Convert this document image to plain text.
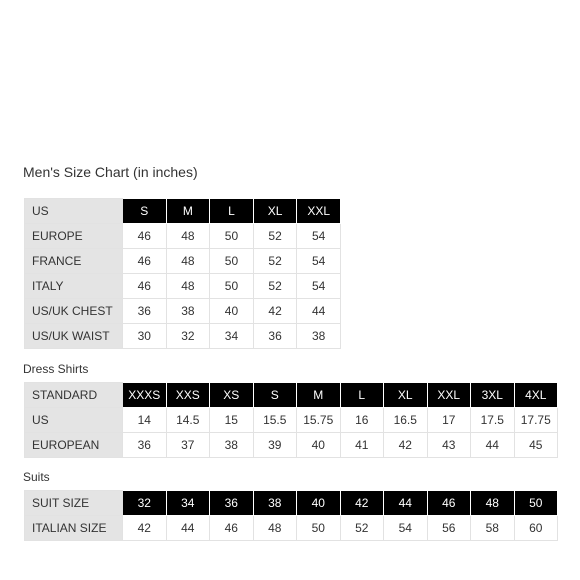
Men's Size Chart (in inches)
US	S	M	L	XL	XXL
EUROPE	46	48	50	52	54
FRANCE	46	48	50	52	54
ITALY	46	48	50	52	54
US/UK CHEST	36	38	40	42	44
US/UK WAIST	30	32	34	36	38
Dress Shirts
STANDARD	XXXS	XXS	XS	S	M	L	XL	XXL	3XL	4XL
US	14	14.5	15	15.5	15.75	16	16.5	17	17.5	17.75
EUROPEAN	36	37	38	39	40	41	42	43	44	45
Suits
SUIT SIZE	32	34	36	38	40	42	44	46	48	50
ITALIAN SIZE	42	44	46	48	50	52	54	56	58	60
